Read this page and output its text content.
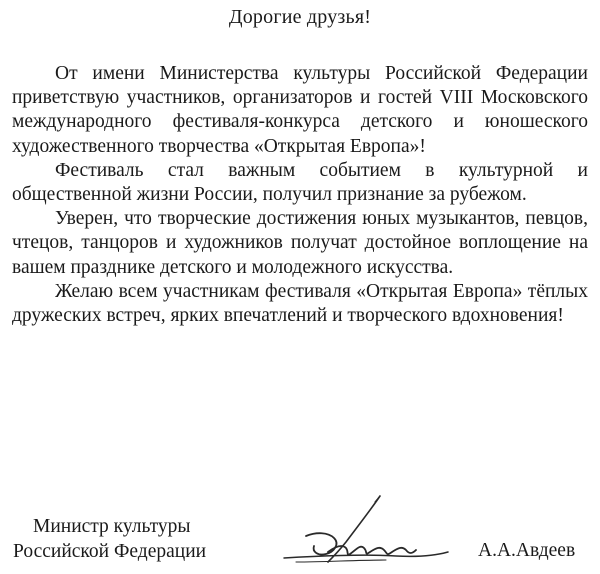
Дорогие друзья!

От имени Министерства культуры Российской Федерации приветствую участников, организаторов и гостей VIII Московского международного фестиваля-конкурса детского и юношеского художественного творчества «Открытая Европа»!

Фестиваль стал важным событием в культурной и общественной жизни России, получил признание за рубежом.

Уверен, что творческие достижения юных музыкантов, певцов, чтецов, танцоров и художников получат достойное воплощение на вашем празднике детского и молодежного искусства.

Желаю всем участникам фестиваля «Открытая Европа» тёплых дружеских встреч, ярких впечатлений и творческого вдохновения!

Министр культуры
Российской Федерации	А.А.Авдеев
